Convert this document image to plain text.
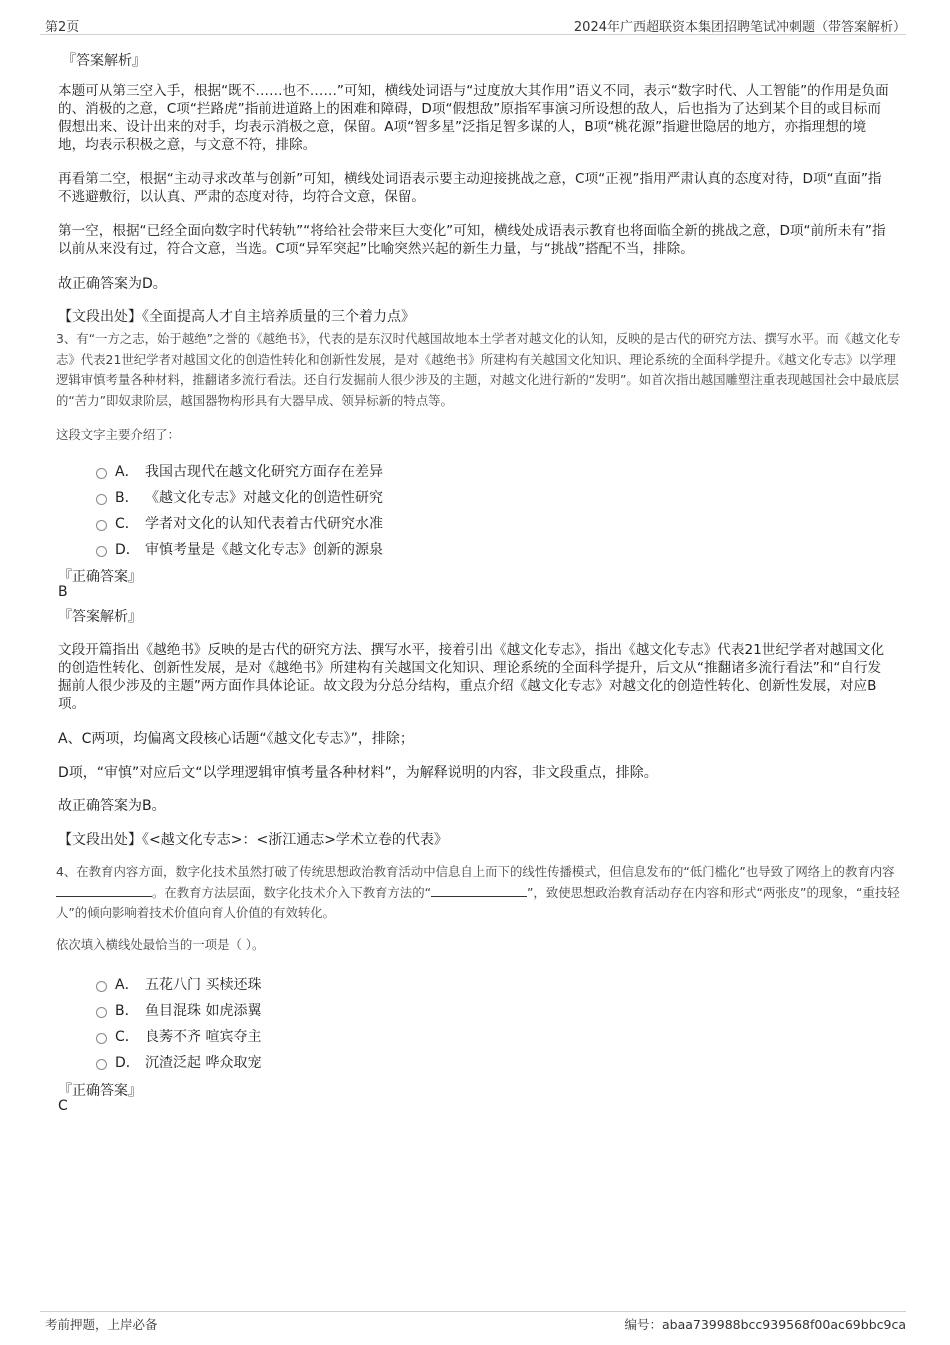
第2页	2024年广西超联资本集团招聘笔试冲刺题（带答案解析）
『答案解析』

本题可从第三空入手，根据“既不……也不……”可知，横线处词语与“过度放大其作用”语义不同，表示“数字时代、人工智能”的作用是负面的、消极的之意，C项“拦路虎”指前进道路上的困难和障碍，D项“假想敌”原指军事演习所设想的敌人，后也指为了达到某个目的或目标而假想出来、设计出来的对手，均表示消极之意，保留。A项“智多星”泛指足智多谋的人，B项“桃花源”指避世隐居的地方，亦指理想的境地，均表示积极之意，与文意不符，排除。

再看第二空，根据“主动寻求改革与创新”可知，横线处词语表示要主动迎接挑战之意，C项“正视”指用严肃认真的态度对待，D项“直面”指不逃避敷衍，以认真、严肃的态度对待，均符合文意，保留。

第一空，根据“已经全面向数字时代转轨”“将给社会带来巨大变化”可知，横线处成语表示教育也将面临全新的挑战之意，D项“前所未有”指以前从来没有过，符合文意，当选。C项“异军突起”比喻突然兴起的新生力量，与“挑战”搭配不当，排除。

故正确答案为D。
【文段出处】《全面提高人才自主培养质量的三个着力点》

3、有“一方之志，始于越绝”之誉的《越绝书》，代表的是东汉时代越国故地本土学者对越文化的认知，反映的是古代的研究方法、撰写水平。而《越文化专志》代表21世纪学者对越国文化的创造性转化和创新性发展，是对《越绝书》所建构有关越国文化知识、理论系统的全面科学提升。《越文化专志》以学理逻辑审慎考量各种材料，推翻诸多流行看法。还自行发掘前人很少涉及的主题，对越文化进行新的“发明”。如首次指出越国雕塑注重表现越国社会中最底层的“苦力”即奴隶阶层，越国器物构形具有大器早成、领异标新的特点等。

这段文字主要介绍了：
A． 我国古现代在越文化研究方面存在差异
B． 《越文化专志》对越文化的创造性研究
C． 学者对文化的认知代表着古代研究水准
D． 审慎考量是《越文化专志》创新的源泉
『正确答案』
B
『答案解析』

文段开篇指出《越绝书》反映的是古代的研究方法、撰写水平，接着引出《越文化专志》，指出《越文化专志》代表21世纪学者对越国文化的创造性转化、创新性发展，是对《越绝书》所建构有关越国文化知识、理论系统的全面科学提升，后文从“推翻诸多流行看法”和“自行发掘前人很少涉及的主题”两方面作具体论证。故文段为分总分结构，重点介绍《越文化专志》对越文化的创造性转化、创新性发展，对应B项。

A、C两项，均偏离文段核心话题“《越文化专志》”，排除；
D项，“审慎”对应后文“以学理逻辑审慎考量各种材料”，为解释说明的内容，非文段重点，排除。
故正确答案为B。
【文段出处】《<越文化专志>：<浙江通志>学术立卷的代表》

4、在教育内容方面，数字化技术虽然打破了传统思想政治教育活动中信息自上而下的线性传播模式，但信息发布的“低门槛化”也导致了网络上的教育内容。在教育方法层面，数字化技术介入下教育方法的“	”，致使思想政治教育活动存在内容和形式“两张皮”的现象，“重技轻人”的倾向影响着技术价值向育人价值的有效转化。

依次填入横线处最恰当的一项是（ ）。
A． 五花八门 买椟还珠
B． 鱼目混珠 如虎添翼
C． 良莠不齐 喧宾夺主
D． 沉渣泛起 哗众取宠
『正确答案』
C
考前押题，上岸必备	编号：abaa739988bcc939568f00ac69bbc9ca
